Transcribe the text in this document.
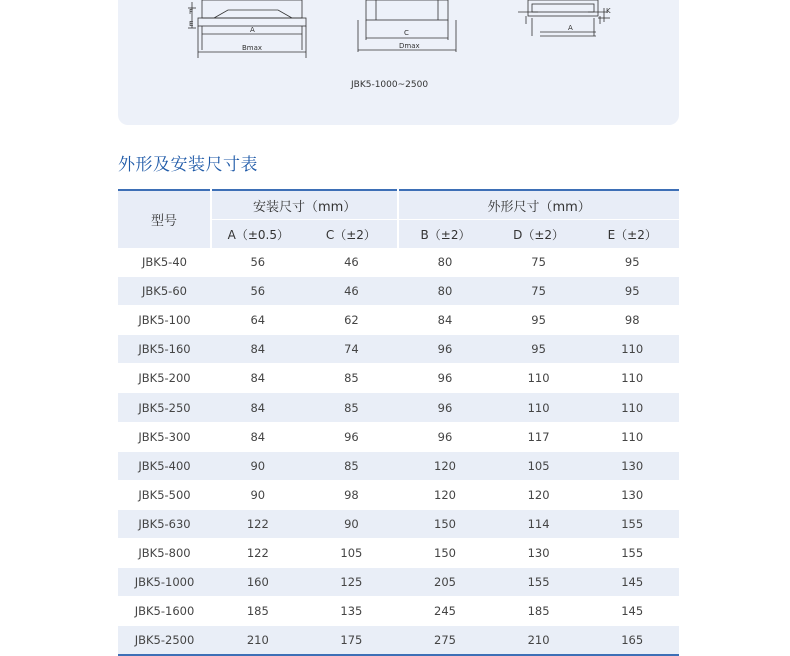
F
E
A
Bmax
C
Dmax
JBK5-1000~2500
A
K
外形及安装尺寸表
型号	安装尺寸（mm）		外形尺寸（mm）		
	A（±0.5）	C（±2）	B（±2）	D（±2）	E（±2）
JBK5-40	56	46	80	75	95
JBK5-60	56	46	80	75	95
JBK5-100	64	62	84	95	98
JBK5-160	84	74	96	95	110
JBK5-200	84	85	96	110	110
JBK5-250	84	85	96	110	110
JBK5-300	84	96	96	117	110
JBK5-400	90	85	120	105	130
JBK5-500	90	98	120	120	130
JBK5-630	122	90	150	114	155
JBK5-800	122	105	150	130	155
JBK5-1000	160	125	205	155	145
JBK5-1600	185	135	245	185	145
JBK5-2500	210	175	275	210	165
